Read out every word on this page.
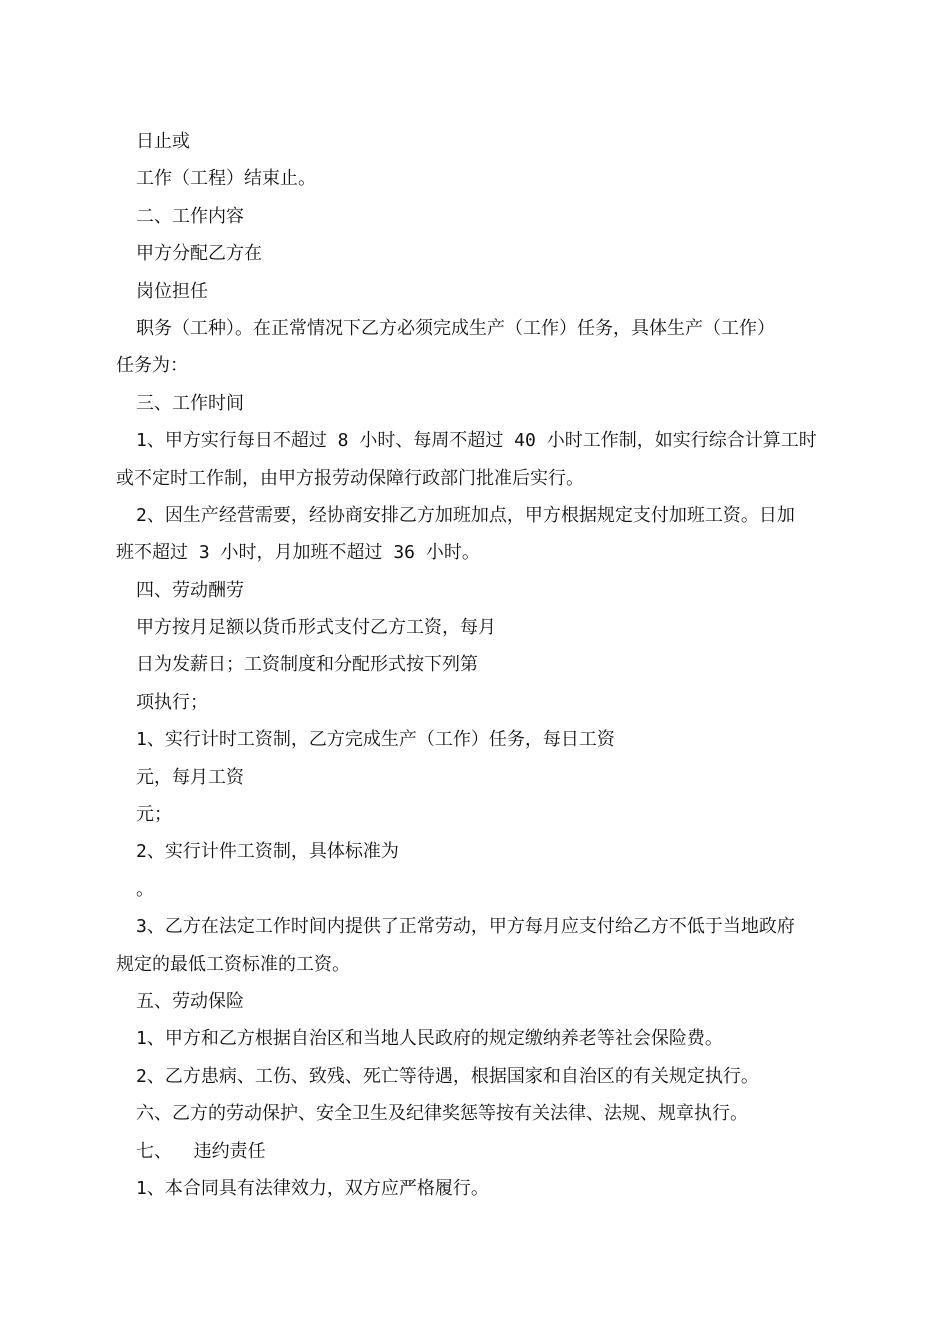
日止或
工作（工程）结束止。
二、工作内容
甲方分配乙方在
岗位担任
职务（工种）。在正常情况下乙方必须完成生产（工作）任务，具体生产（工作）
任务为：
三、工作时间
1、甲方实行每日不超过 8 小时、每周不超过 40 小时工作制，如实行综合计算工时
或不定时工作制，由甲方报劳动保障行政部门批准后实行。
2、因生产经营需要，经协商安排乙方加班加点，甲方根据规定支付加班工资。日加
班不超过 3 小时，月加班不超过 36 小时。
四、劳动酬劳
甲方按月足额以货币形式支付乙方工资，每月
日为发薪日；工资制度和分配形式按下列第
项执行；
1、实行计时工资制，乙方完成生产（工作）任务，每日工资
元，每月工资
元；
2、实行计件工资制，具体标准为
。
3、乙方在法定工作时间内提供了正常劳动，甲方每月应支付给乙方不低于当地政府
规定的最低工资标准的工资。
五、劳动保险
1、甲方和乙方根据自治区和当地人民政府的规定缴纳养老等社会保险费。
2、乙方患病、工伤、致残、死亡等待遇，根据国家和自治区的有关规定执行。
六、乙方的劳动保护、安全卫生及纪律奖惩等按有关法律、法规、规章执行。
七、  违约责任
1、本合同具有法律效力，双方应严格履行。
